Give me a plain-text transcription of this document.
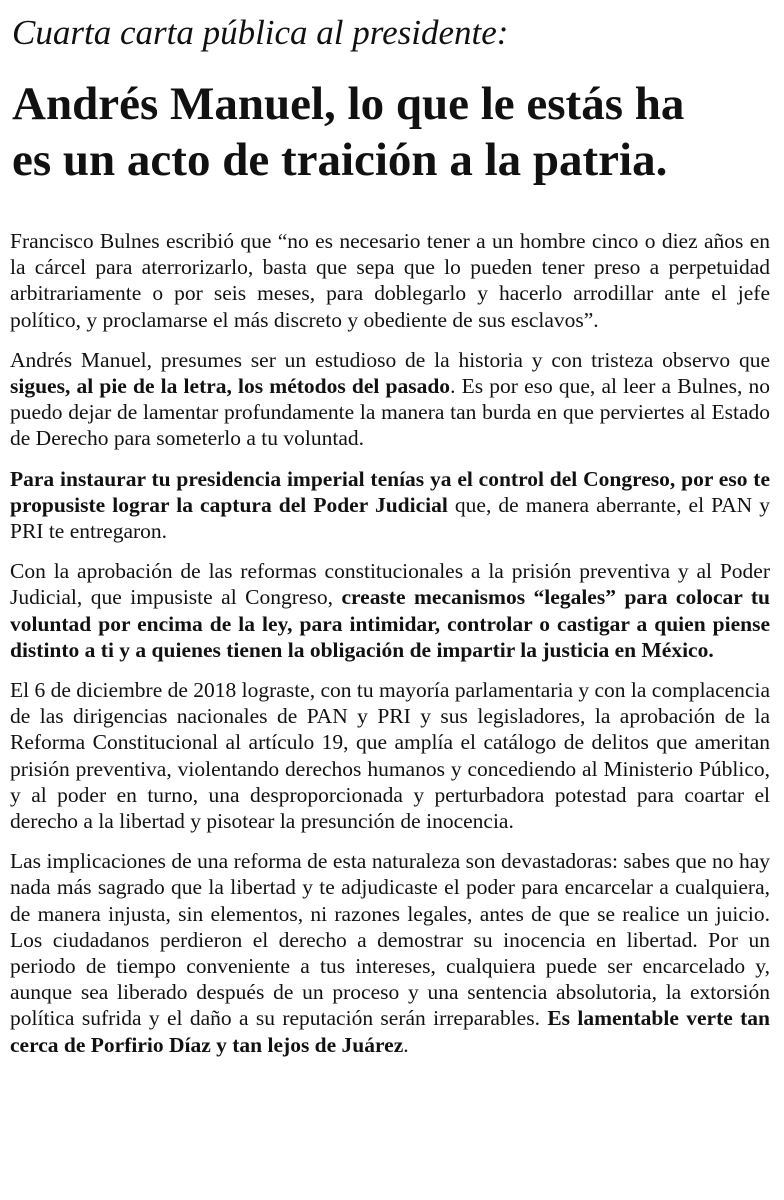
Cuarta carta pública al presidente:
Andrés Manuel, lo que le estás ha
es un acto de traición a la patria.

Francisco Bulnes escribió que “no es necesario tener a un hombre cinco o diez años en la cárcel para aterrorizarlo, basta que sepa que lo pueden tener preso a perpetuidad arbitrariamente o por seis meses, para doblegarlo y hacerlo arrodillar ante el jefe político, y proclamarse el más discreto y obediente de sus esclavos”.

Andrés Manuel, presumes ser un estudioso de la historia y con tristeza observo que sigues, al pie de la letra, los métodos del pasado. Es por eso que, al leer a Bulnes, no puedo dejar de lamentar profundamente la manera tan burda en que perviertes al Estado de Derecho para someterlo a tu voluntad.

Para instaurar tu presidencia imperial tenías ya el control del Congreso, por eso te propusiste lograr la captura del Poder Judicial que, de manera aberrante, el PAN y PRI te entregaron.

Con la aprobación de las reformas constitucionales a la prisión preventiva y al Poder Judicial, que impusiste al Congreso, creaste mecanismos “legales” para colocar tu voluntad por encima de la ley, para intimidar, controlar o castigar a quien piense distinto a ti y a quienes tienen la obligación de impartir la justicia en México.

El 6 de diciembre de 2018 lograste, con tu mayoría parlamentaria y con la complacencia de las dirigencias nacionales de PAN y PRI y sus legisladores, la aprobación de la Reforma Constitucional al artículo 19, que amplía el catálogo de delitos que ameritan prisión preventiva, violentando derechos humanos y concediendo al Ministerio Público, y al poder en turno, una desproporcionada y perturbadora potestad para coartar el derecho a la libertad y pisotear la presunción de inocencia.

Las implicaciones de una reforma de esta naturaleza son devastadoras: sabes que no hay nada más sagrado que la libertad y te adjudicaste el poder para encarcelar a cualquiera, de manera injusta, sin elementos, ni razones legales, antes de que se realice un juicio. Los ciudadanos perdieron el derecho a demostrar su inocencia en libertad. Por un periodo de tiempo conveniente a tus intereses, cualquiera puede ser encarcelado y, aunque sea liberado después de un proceso y una sentencia absolutoria, la extorsión política sufrida y el daño a su reputación serán irreparables. Es lamentable verte tan cerca de Porfirio Díaz y tan lejos de Juárez.
